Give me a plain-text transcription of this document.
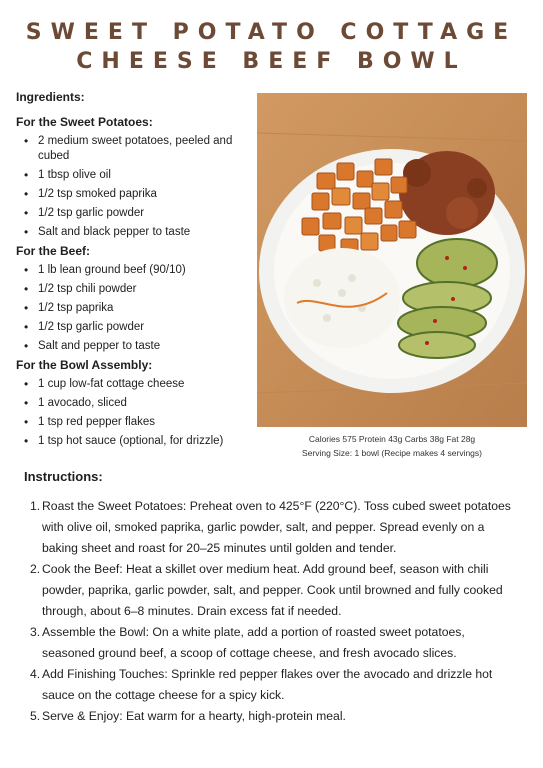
SWEET POTATO COTTAGE
CHEESE BEEF BOWL
Ingredients:
For the Sweet Potatoes:
• 2 medium sweet potatoes, peeled and cubed
• 1 tbsp olive oil
• 1/2 tsp smoked paprika
• 1/2 tsp garlic powder
• Salt and black pepper to taste
For the Beef:
• 1 lb lean ground beef (90/10)
• 1/2 tsp chili powder
• 1/2 tsp paprika
• 1/2 tsp garlic powder
• Salt and pepper to taste
For the Bowl Assembly:
• 1 cup low-fat cottage cheese
• 1 avocado, sliced
• 1 tsp red pepper flakes
• 1 tsp hot sauce (optional, for drizzle)	Calories 575 Protein 43g Carbs 38g Fat 28g
Serving Size: 1 bowl (Recipe makes 4 servings)
Instructions:
1. Roast the Sweet Potatoes: Preheat oven to 425°F (220°C). Toss cubed sweet potatoes with olive oil, smoked paprika, garlic powder, salt, and pepper. Spread evenly on a baking sheet and roast for 20–25 minutes until golden and tender.
2. Cook the Beef: Heat a skillet over medium heat. Add ground beef, season with chili powder, paprika, garlic powder, salt, and pepper. Cook until browned and fully cooked through, about 6–8 minutes. Drain excess fat if needed.
3. Assemble the Bowl: On a white plate, add a portion of roasted sweet potatoes, seasoned ground beef, a scoop of cottage cheese, and fresh avocado slices.
4. Add Finishing Touches: Sprinkle red pepper flakes over the avocado and drizzle hot sauce on the cottage cheese for a spicy kick.
5. Serve & Enjoy: Eat warm for a hearty, high-protein meal.
